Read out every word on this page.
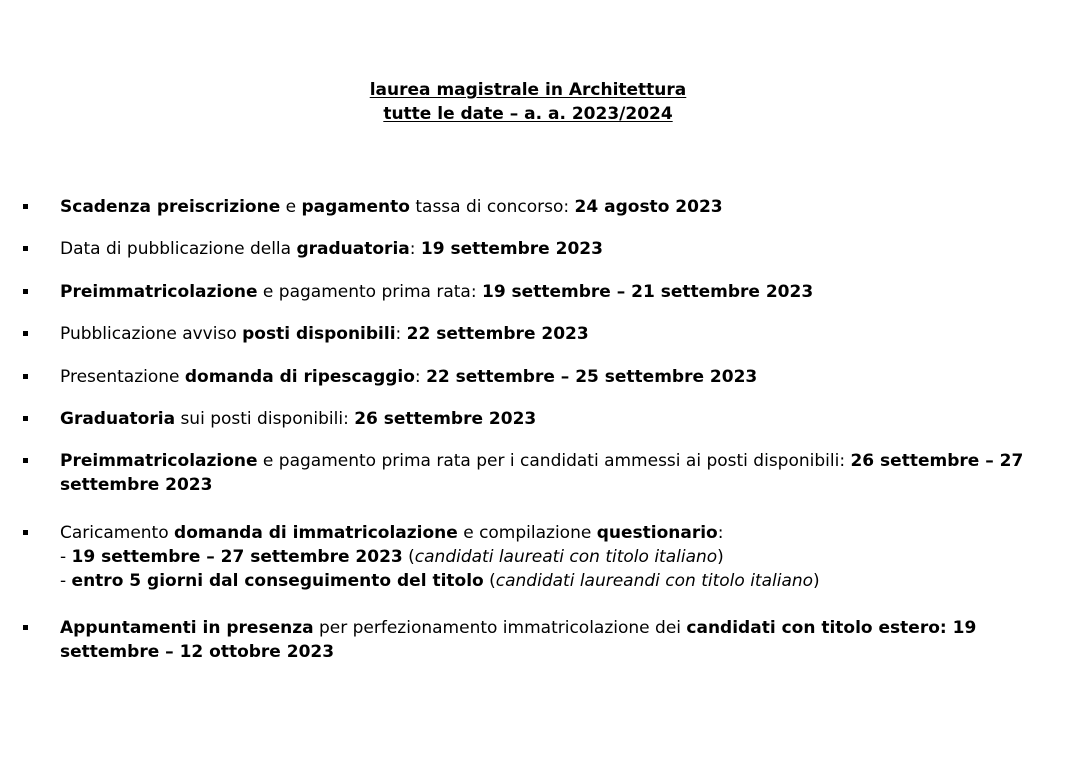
laurea magistrale in Architettura
tutte le date – a. a. 2023/2024
Scadenza preiscrizione e pagamento tassa di concorso: 24 agosto 2023
Data di pubblicazione della graduatoria: 19 settembre 2023
Preimmatricolazione e pagamento prima rata: 19 settembre – 21 settembre 2023
Pubblicazione avviso posti disponibili: 22 settembre 2023
Presentazione domanda di ripescaggio: 22 settembre – 25 settembre 2023
Graduatoria sui posti disponibili: 26 settembre 2023
Preimmatricolazione e pagamento prima rata per i candidati ammessi ai posti disponibili: 26 settembre – 27 settembre 2023
Caricamento domanda di immatricolazione e compilazione questionario:
- 19 settembre – 27 settembre 2023 (candidati laureati con titolo italiano)
- entro 5 giorni dal conseguimento del titolo (candidati laureandi con titolo italiano)
Appuntamenti in presenza per perfezionamento immatricolazione dei candidati con titolo estero: 19 settembre – 12 ottobre 2023
